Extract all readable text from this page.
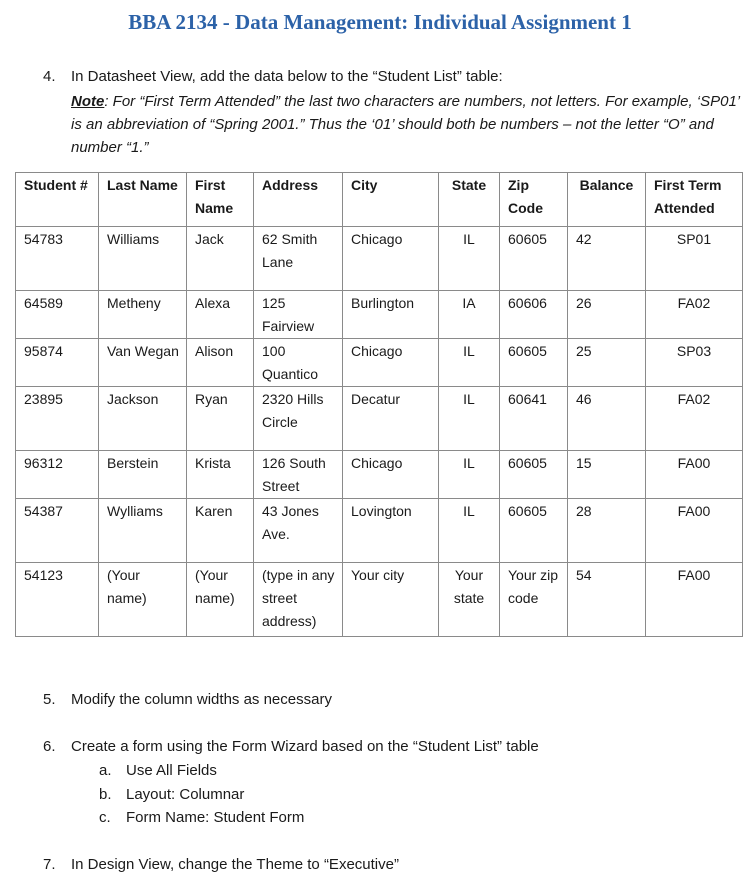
BBA 2134 - Data Management: Individual Assignment 1
4. In Datasheet View, add the data below to the “Student List” table:
Note: For “First Term Attended” the last two characters are numbers, not letters. For example, ‘SP01’ is an abbreviation of “Spring 2001.” Thus the ‘01’ should both be numbers – not the letter “O” and number “1.”
Student #	Last Name	First Name	Address	City	State	Zip Code	Balance	First Term Attended
54783	Williams	Jack	62 Smith Lane	Chicago	IL	60605	42	SP01
64589	Metheny	Alexa	125 Fairview	Burlington	IA	60606	26	FA02
95874	Van Wegan	Alison	100 Quantico	Chicago	IL	60605	25	SP03
23895	Jackson	Ryan	2320 Hills Circle	Decatur	IL	60641	46	FA02
96312	Berstein	Krista	126 South Street	Chicago	IL	60605	15	FA00
54387	Wylliams	Karen	43 Jones Ave.	Lovington	IL	60605	28	FA00
54123	(Your name)	(Your name)	(type in any street address)	Your city	Your state	Your zip code	54	FA00
5. Modify the column widths as necessary
6. Create a form using the Form Wizard based on the “Student List” table
a. Use All Fields
b. Layout: Columnar
c. Form Name: Student Form
7. In Design View, change the Theme to “Executive”
